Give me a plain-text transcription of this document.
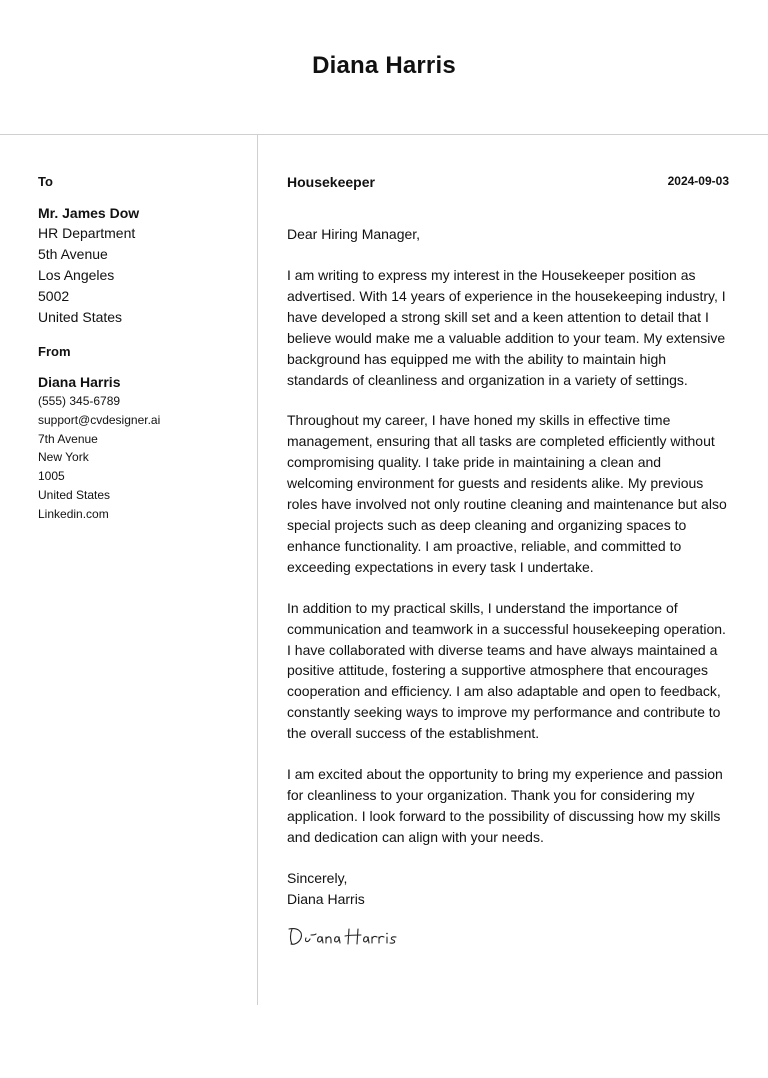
Diana Harris
To
Mr. James Dow
HR Department
5th Avenue
Los Angeles
5002
United States
From
Diana Harris
(555) 345-6789
support@cvdesigner.ai
7th Avenue
New York
1005
United States
Linkedin.com
Housekeeper	2024-09-03
Dear Hiring Manager,
I am writing to express my interest in the Housekeeper position as advertised. With 14 years of experience in the housekeeping industry, I have developed a strong skill set and a keen attention to detail that I believe would make me a valuable addition to your team. My extensive background has equipped me with the ability to maintain high standards of cleanliness and organization in a variety of settings.
Throughout my career, I have honed my skills in effective time management, ensuring that all tasks are completed efficiently without compromising quality. I take pride in maintaining a clean and welcoming environment for guests and residents alike. My previous roles have involved not only routine cleaning and maintenance but also special projects such as deep cleaning and organizing spaces to enhance functionality. I am proactive, reliable, and committed to exceeding expectations in every task I undertake.
In addition to my practical skills, I understand the importance of communication and teamwork in a successful housekeeping operation. I have collaborated with diverse teams and have always maintained a positive attitude, fostering a supportive atmosphere that encourages cooperation and efficiency. I am also adaptable and open to feedback, constantly seeking ways to improve my performance and contribute to the overall success of the establishment.
I am excited about the opportunity to bring my experience and passion for cleanliness to your organization. Thank you for considering my application. I look forward to the possibility of discussing how my skills and dedication can align with your needs.
Sincerely,
Diana Harris
